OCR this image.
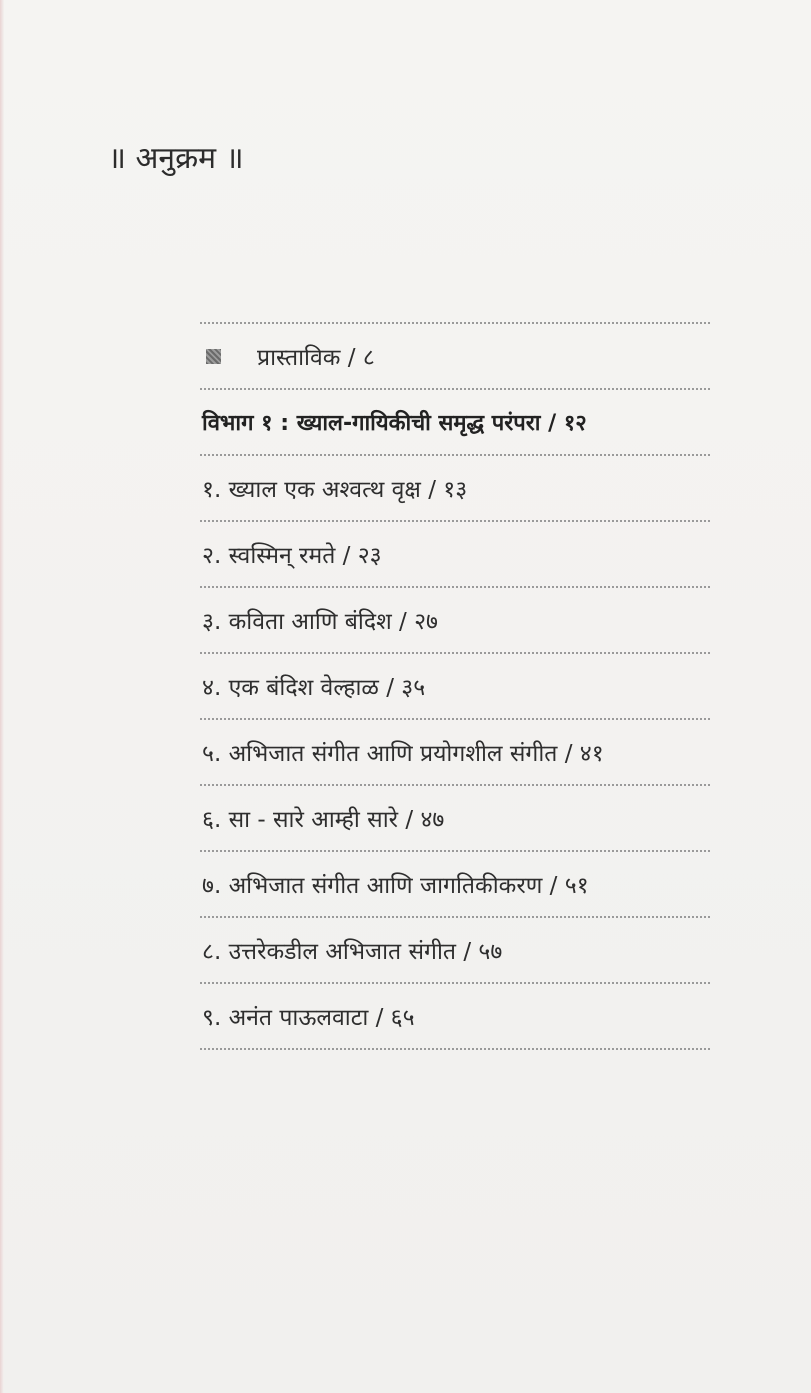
॥ अनुक्रम ॥
प्रास्ताविक / ८
विभाग १ : ख्याल-गायिकीची समृद्ध परंपरा / १२
१. ख्याल एक अश्वत्थ वृक्ष / १३
२. स्वस्मिन् रमते / २३
३. कविता आणि बंदिश / २७
४. एक बंदिश वेल्हाळ / ३५
५. अभिजात संगीत आणि प्रयोगशील संगीत / ४१
६. सा - सारे आम्ही सारे / ४७
७. अभिजात संगीत आणि जागतिकीकरण / ५१
८. उत्तरेकडील अभिजात संगीत / ५७
९. अनंत पाऊलवाटा / ६५
